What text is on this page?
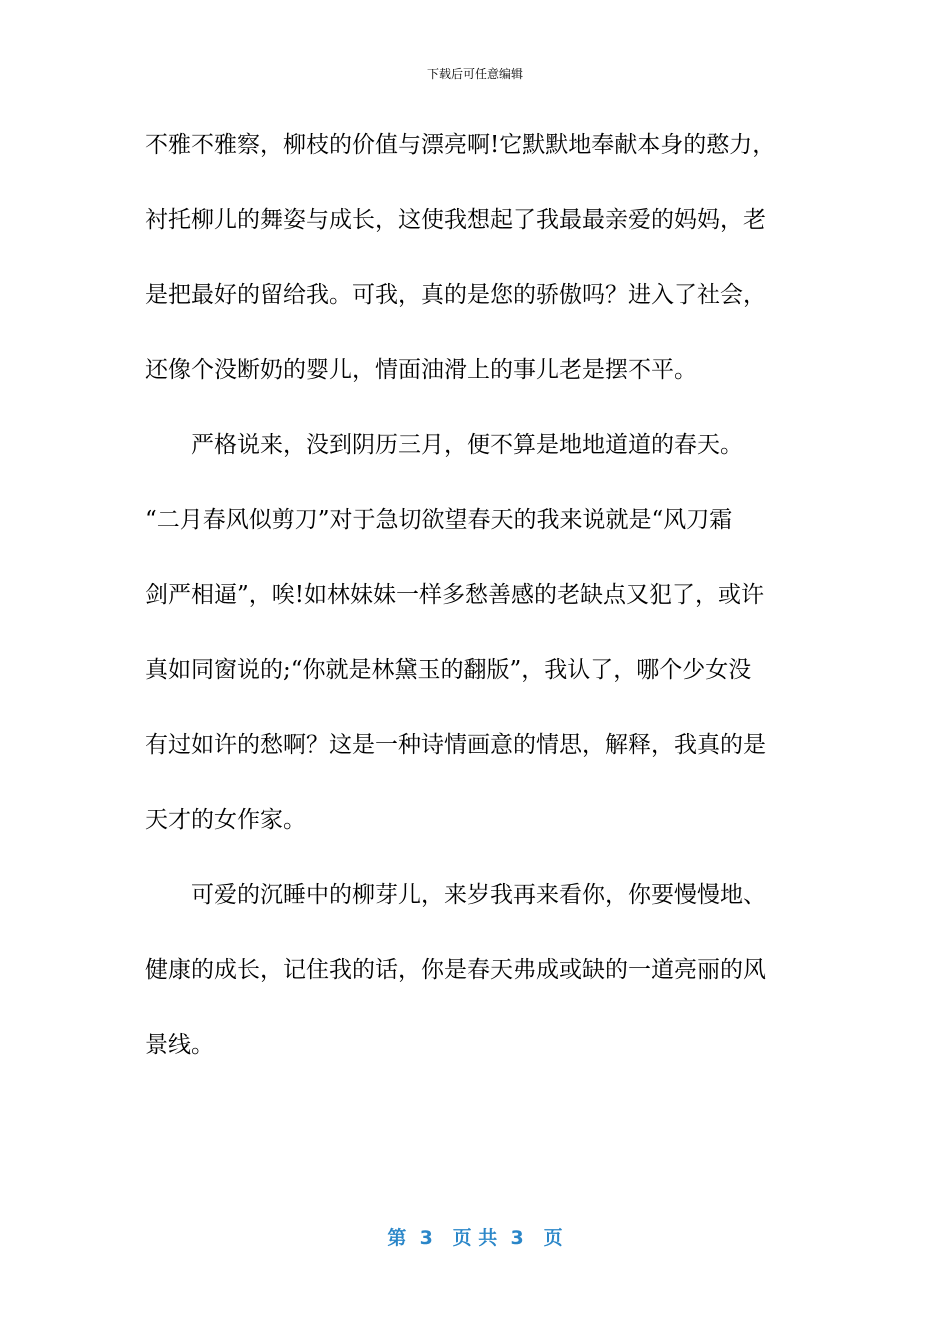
下载后可任意编辑
不雅不雅察，柳枝的价值与漂亮啊!它默默地奉献本身的憨力，
衬托柳儿的舞姿与成长，这使我想起了我最最亲爱的妈妈，老
是把最好的留给我。可我，真的是您的骄傲吗？进入了社会，
还像个没断奶的婴儿，情面油滑上的事儿老是摆不平。
严格说来，没到阴历三月，便不算是地地道道的春天。
“二月春风似剪刀”对于急切欲望春天的我来说就是“风刀霜
剑严相逼”，唉!如林妹妹一样多愁善感的老缺点又犯了，或许
真如同窗说的;“你就是林黛玉的翻版”，我认了，哪个少女没
有过如许的愁啊？这是一种诗情画意的情思，解释，我真的是
天才的女作家。
可爱的沉睡中的柳芽儿，来岁我再来看你，你要慢慢地、
健康的成长，记住我的话，你是春天弗成或缺的一道亮丽的风
景线。
第  3   页 共  3   页
